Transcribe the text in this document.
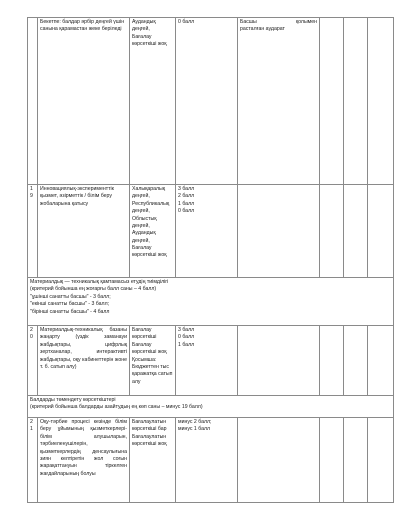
	Бекетпе: балдар әрбір деңгей үшін санына қарамастан жеке беріледі	Аудандық деңгей,
Бағалау көрсеткіші жоқ	0 балл	Басшы қолымен
расталған аударат			

19	Инновациялық-эксперименттік қызмет, әзірметтік / білім беру жобаларына қатысу	Халықаралық деңгей,
Республикалық деңгей,
Облыстық деңгей,
Аудандық деңгей,
Бағалау көрсеткіші жоқ	3 балл
2 балл
1 балл
0 балл				

Материалдық — техникалық қамтамасыз етудің тиімділігі
(критерий бойынша ең жоғарғы балл саны – 4 балл)
"ұшінші санатты басшы" - 3 балл;
"екінші санатты басшы" - 3 балл;
"бірінші санатты басшы" - 4 балл							

20	Материалдық-техникалық базаны жаңарту (үздік заманауи жабдықтары, цифрлық зертханалар, интерактивті жабдықтары, оқу кабинеттерін жоне т. б. сатып алу)	Бағалау көрсеткіші
Бағалау көрсеткіші жоқ
Қосымша: Бюджеттен тыс қаражатқа сатып алу	3 балл
0 балл
1 балл				

Балдарды төмендету көрсеткіштері
(критерий бойынша балдарды азайтудың ең көп саны – минус 19 балл)							

21	Оқу-тәрбие процесі кезінде білім беру ұйымының қызметкерлері-білім алушыларын, тәрбиеленушілерін, қызметкерлердің денсаулығына зиян келтіретін жол соғын жарақаттануын тіркелген жағдайларының болуы	Бағалаулатын көрсеткіші бар
Бағалаулатын көрсеткіші жоқ	минус 2 балл;
минус 1 балл				
